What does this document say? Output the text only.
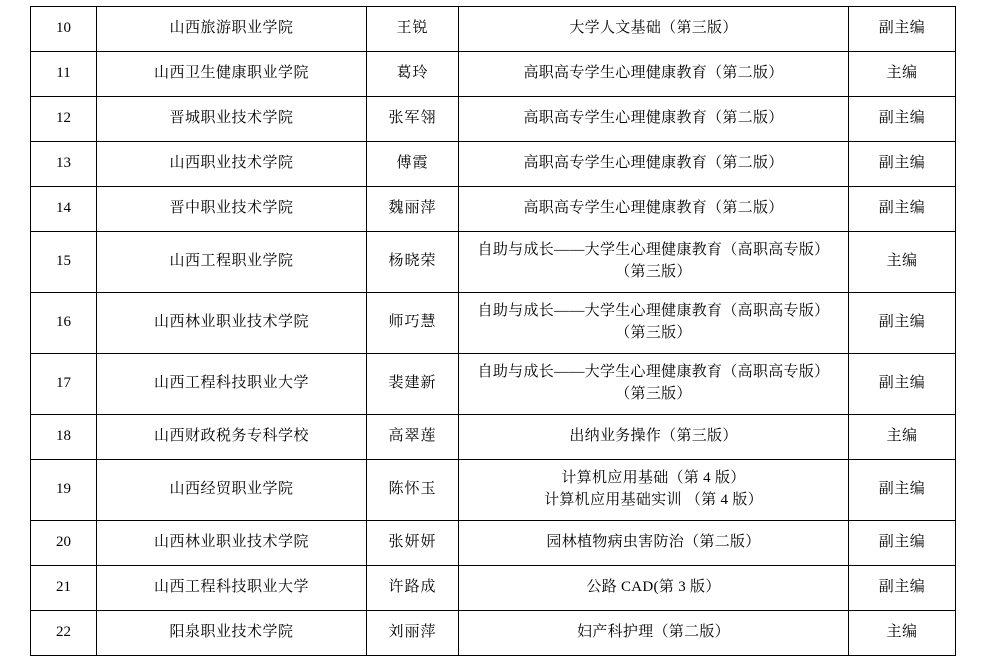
10	山西旅游职业学院	王锐	大学人文基础（第三版）	副主编
11	山西卫生健康职业学院	葛玲	高职高专学生心理健康教育（第二版）	主编
12	晋城职业技术学院	张军翎	高职高专学生心理健康教育（第二版）	副主编
13	山西职业技术学院	傅霞	高职高专学生心理健康教育（第二版）	副主编
14	晋中职业技术学院	魏丽萍	高职高专学生心理健康教育（第二版）	副主编
15	山西工程职业学院	杨晓荣	自助与成长——大学生心理健康教育（高职高专版）
（第三版）	主编
16	山西林业职业技术学院	师巧慧	自助与成长——大学生心理健康教育（高职高专版）
（第三版）	副主编
17	山西工程科技职业大学	裴建新	自助与成长——大学生心理健康教育（高职高专版）
（第三版）	副主编
18	山西财政税务专科学校	高翠莲	出纳业务操作（第三版）	主编
19	山西经贸职业学院	陈怀玉	计算机应用基础（第 4 版）
计算机应用基础实训 （第 4 版）	副主编
20	山西林业职业技术学院	张妍妍	园林植物病虫害防治（第二版）	副主编
21	山西工程科技职业大学	许路成	公路 CAD(第 3 版）	副主编
22	阳泉职业技术学院	刘丽萍	妇产科护理（第二版）	主编
